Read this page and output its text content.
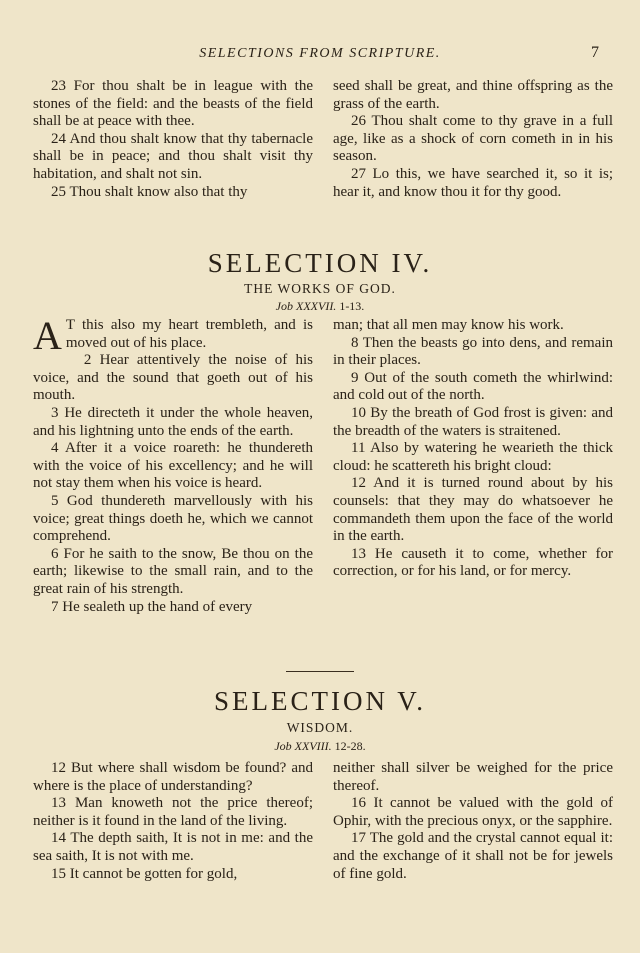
SELECTIONS FROM SCRIPTURE.	7

23 For thou shalt be in league with the stones of the field: and the beasts of the field shall be at peace with thee.

24 And thou shalt know that thy tabernacle shall be in peace; and thou shalt visit thy habitation, and shalt not sin.

25 Thou shalt know also that thy

seed shall be great, and thine offspring as the grass of the earth.

26 Thou shalt come to thy grave in a full age, like as a shock of corn cometh in in his season.

27 Lo this, we have searched it, so it is; hear it, and know thou it for thy good.

SELECTION IV.
THE WORKS OF GOD.
Job XXXVII. 1-13.

A T this also my heart trembleth, and is moved out of his place.

2 Hear attentively the noise of his voice, and the sound that goeth out of his mouth.

3 He directeth it under the whole heaven, and his lightning unto the ends of the earth.

4 After it a voice roareth: he thundereth with the voice of his excellency; and he will not stay them when his voice is heard.

5 God thundereth marvellously with his voice; great things doeth he, which we cannot comprehend.

6 For he saith to the snow, Be thou on the earth; likewise to the small rain, and to the great rain of his strength.

7 He sealeth up the hand of every

man; that all men may know his work.

8 Then the beasts go into dens, and remain in their places.

9 Out of the south cometh the whirlwind: and cold out of the north.

10 By the breath of God frost is given: and the breadth of the waters is straitened.

11 Also by watering he wearieth the thick cloud: he scattereth his bright cloud:

12 And it is turned round about by his counsels: that they may do whatsoever he commandeth them upon the face of the world in the earth.

13 He causeth it to come, whether for correction, or for his land, or for mercy.

SELECTION V.
WISDOM.
Job XXVIII. 12-28.

12 But where shall wisdom be found? and where is the place of understanding?

13 Man knoweth not the price thereof; neither is it found in the land of the living.

14 The depth saith, It is not in me: and the sea saith, It is not with me.

15 It cannot be gotten for gold,

neither shall silver be weighed for the price thereof.

16 It cannot be valued with the gold of Ophir, with the precious onyx, or the sapphire.

17 The gold and the crystal cannot equal it: and the exchange of it shall not be for jewels of fine gold.
